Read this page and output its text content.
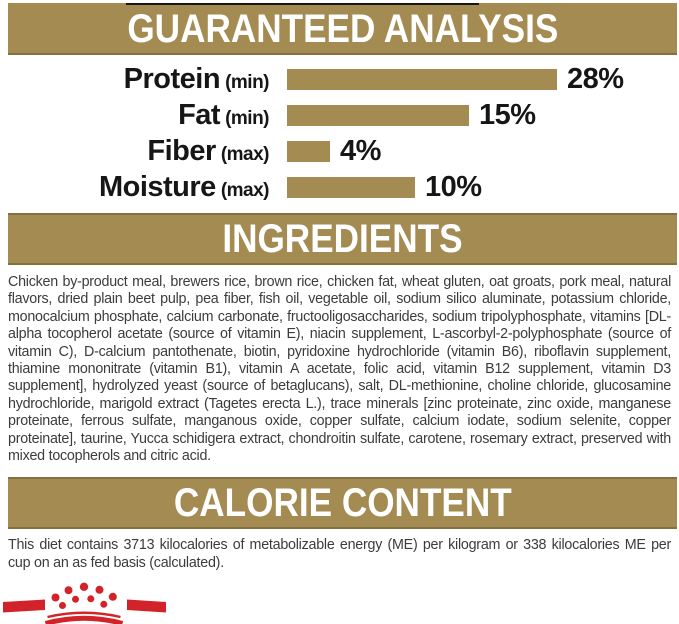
GUARANTEED ANALYSIS
Protein (min)	28%
Fat (min)	15%
Fiber (max) 4%
Moisture (max)	10%
INGREDIENTS
Chicken by-product meal, brewers rice, brown rice, chicken fat, wheat gluten, oat groats, pork meal, natural flavors, dried plain beet pulp, pea fiber, fish oil, vegetable oil, sodium silico aluminate, potassium chloride, monocalcium phosphate, calcium carbonate, fructooligosaccharides, sodium tripolyphosphate, vitamins [DL-alpha tocopherol acetate (source of vitamin E), niacin supplement, L-ascorbyl-2-polyphosphate (source of vitamin C), D-calcium pantothenate, biotin, pyridoxine hydrochloride (vitamin B6), riboflavin supplement, thiamine mononitrate (vitamin B1), vitamin A acetate, folic acid, vitamin B12 supplement, vitamin D3 supplement], hydrolyzed yeast (source of betaglucans), salt, DL-methionine, choline chloride, glucosamine hydrochloride, marigold extract (Tagetes erecta L.), trace minerals [zinc proteinate, zinc oxide, manganese proteinate, ferrous sulfate, manganous oxide, copper sulfate, calcium iodate, sodium selenite, copper proteinate], taurine, Yucca schidigera extract, chondroitin sulfate, carotene, rosemary extract, preserved with mixed tocopherols and citric acid.
CALORIE CONTENT
This diet contains 3713 kilocalories of metabolizable energy (ME) per kilogram or 338 kilocalories ME per cup on an as fed basis (calculated).
